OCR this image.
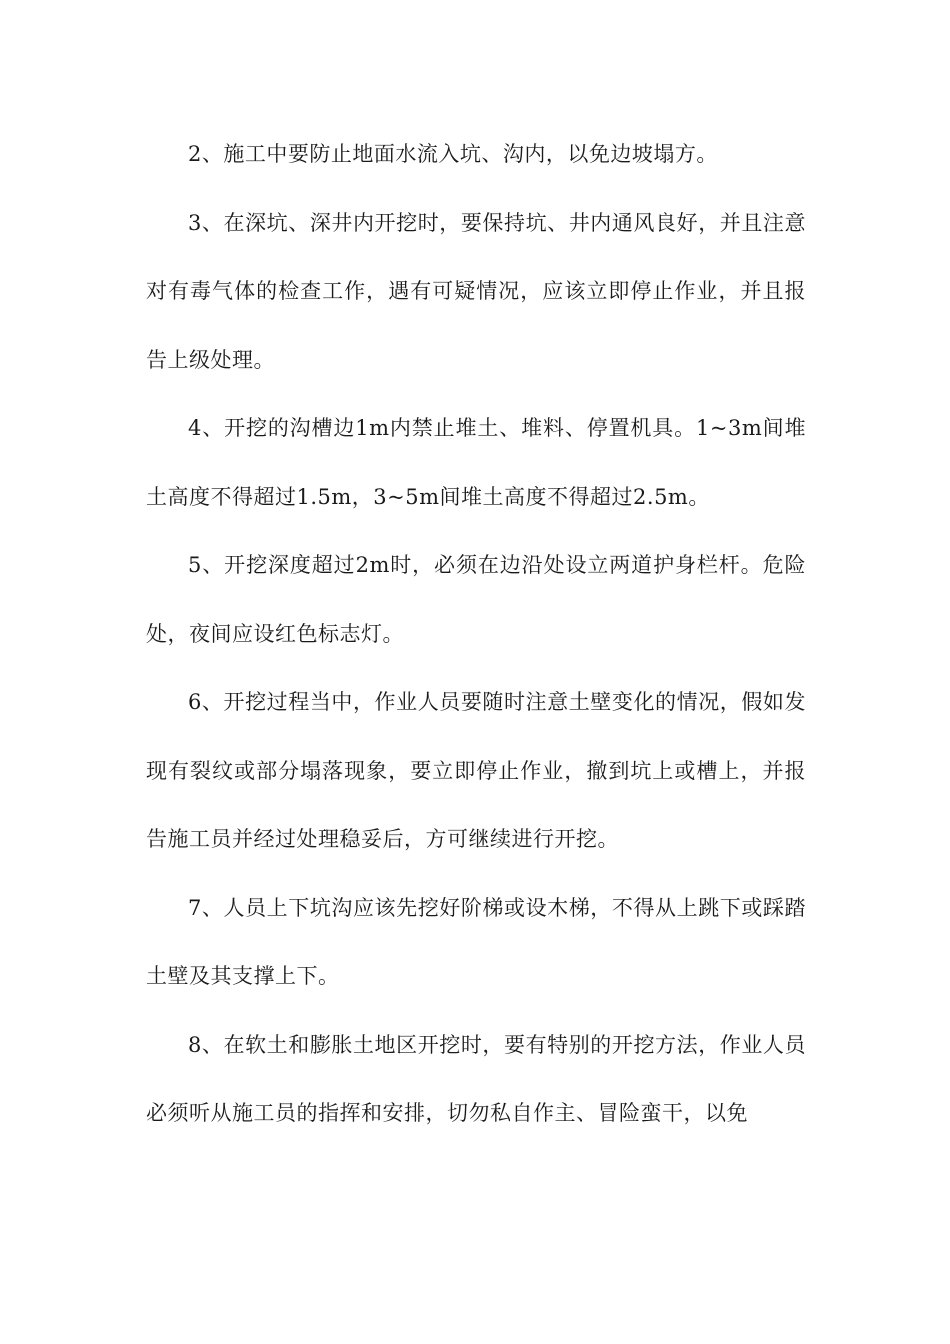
2、施工中要防止地面水流入坑、沟内，以免边坡塌方。

3、在深坑、深井内开挖时，要保持坑、井内通风良好，并且注意对有毒气体的检查工作，遇有可疑情况，应该立即停止作业，并且报告上级处理。

4、开挖的沟槽边1m内禁止堆土、堆料、停置机具。1~3m间堆土高度不得超过1.5m，3~5m间堆土高度不得超过2.5m。

5、开挖深度超过2m时，必须在边沿处设立两道护身栏杆。危险处，夜间应设红色标志灯。

6、开挖过程当中，作业人员要随时注意土壁变化的情况，假如发现有裂纹或部分塌落现象，要立即停止作业，撤到坑上或槽上，并报告施工员并经过处理稳妥后，方可继续进行开挖。

7、人员上下坑沟应该先挖好阶梯或设木梯，不得从上跳下或踩踏土壁及其支撑上下。

8、在软土和膨胀土地区开挖时，要有特别的开挖方法，作业人员必须听从施工员的指挥和安排，切勿私自作主、冒险蛮干，以免
